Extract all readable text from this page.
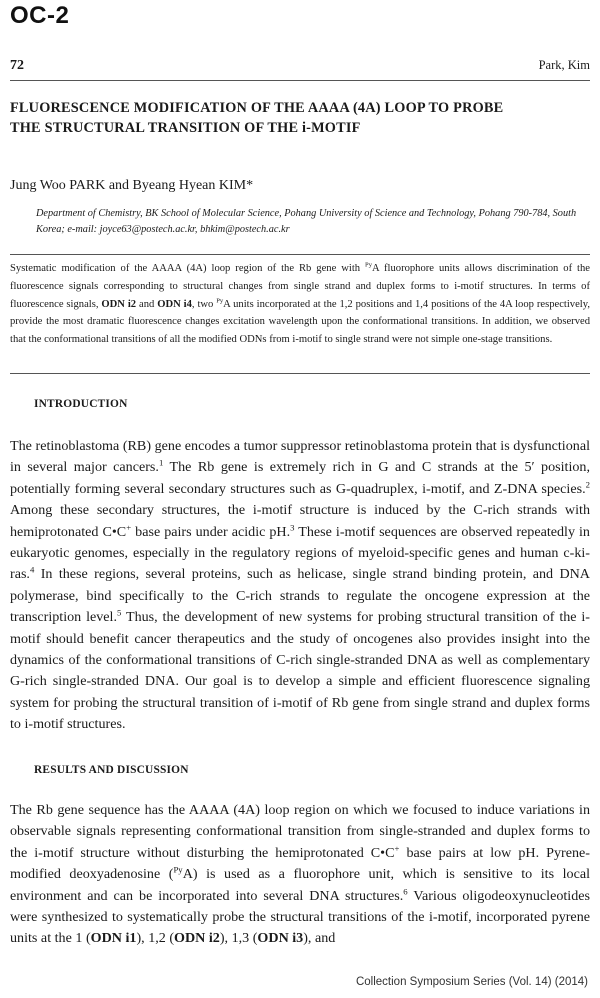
OC-2
72	Park, Kim
FLUORESCENCE MODIFICATION OF THE AAAA (4A) LOOP TO PROBE
THE STRUCTURAL TRANSITION OF THE i-MOTIF
Jung Woo PARK and Byeang Hyean KIM*
Department of Chemistry, BK School of Molecular Science, Pohang University of Science and Technology, Pohang 790-784, South Korea; e-mail: joyce63@postech.ac.kr, bhkim@postech.ac.kr
Systematic modification of the AAAA (4A) loop region of the Rb gene with $^{Py}$A fluorophore units allows discrimination of the fluorescence signals corresponding to structural changes from single strand and duplex forms to i-motif structures. In terms of fluorescence signals, ODN i2 and ODN i4, two $^{Py}$A units incorporated at the 1,2 positions and 1,4 positions of the 4A loop respectively, provide the most dramatic fluorescence changes excitation wavelength upon the conformational transitions. In addition, we observed that the conformational transitions of all the modified ODNs from i-motif to single strand were not simple one-stage transitions.
INTRODUCTION
The retinoblastoma (RB) gene encodes a tumor suppressor retinoblastoma protein that is dysfunctional in several major cancers.$^1$ The Rb gene is extremely rich in G and C strands at the 5′ position, potentially forming several secondary structures such as G-quadruplex, i-motif, and Z-DNA species.$^2$ Among these secondary structures, the i-motif structure is induced by the C-rich strands with hemiprotonated C•C+ base pairs under acidic pH.$^3$ These i-motif sequences are observed repeatedly in eukaryotic genomes, especially in the regulatory regions of myeloid-specific genes and human c-ki-ras.$^4$ In these regions, several proteins, such as helicase, single strand binding protein, and DNA polymerase, bind specifically to the C-rich strands to regulate the oncogene expression at the transcription level.$^5$ Thus, the development of new systems for probing structural transition of the i-motif should benefit cancer therapeutics and the study of oncogenes also provides insight into the dynamics of the conformational transitions of C-rich single-stranded DNA as well as complementary G-rich single-stranded DNA. Our goal is to develop a simple and efficient fluorescence signaling system for probing the structural transition of i-motif of Rb gene from single strand and duplex forms to i-motif structures.
RESULTS AND DISCUSSION
The Rb gene sequence has the AAAA (4A) loop region on which we focused to induce variations in observable signals representing conformational transition from single-stranded and duplex forms to the i-motif structure without disturbing the hemiprotonated C•C+ base pairs at low pH. Pyrene-modified deoxyadenosine ($^{Py}$A) is used as a fluorophore unit, which is sensitive to its local environment and can be incorporated into several DNA structures.$^6$ Various oligodeoxynucleotides were synthesized to systematically probe the structural transitions of the i-motif, incorporated pyrene units at the 1 (ODN i1), 1,2 (ODN i2), 1,3 (ODN i3), and
Collection Symposium Series (Vol. 14) (2014)
